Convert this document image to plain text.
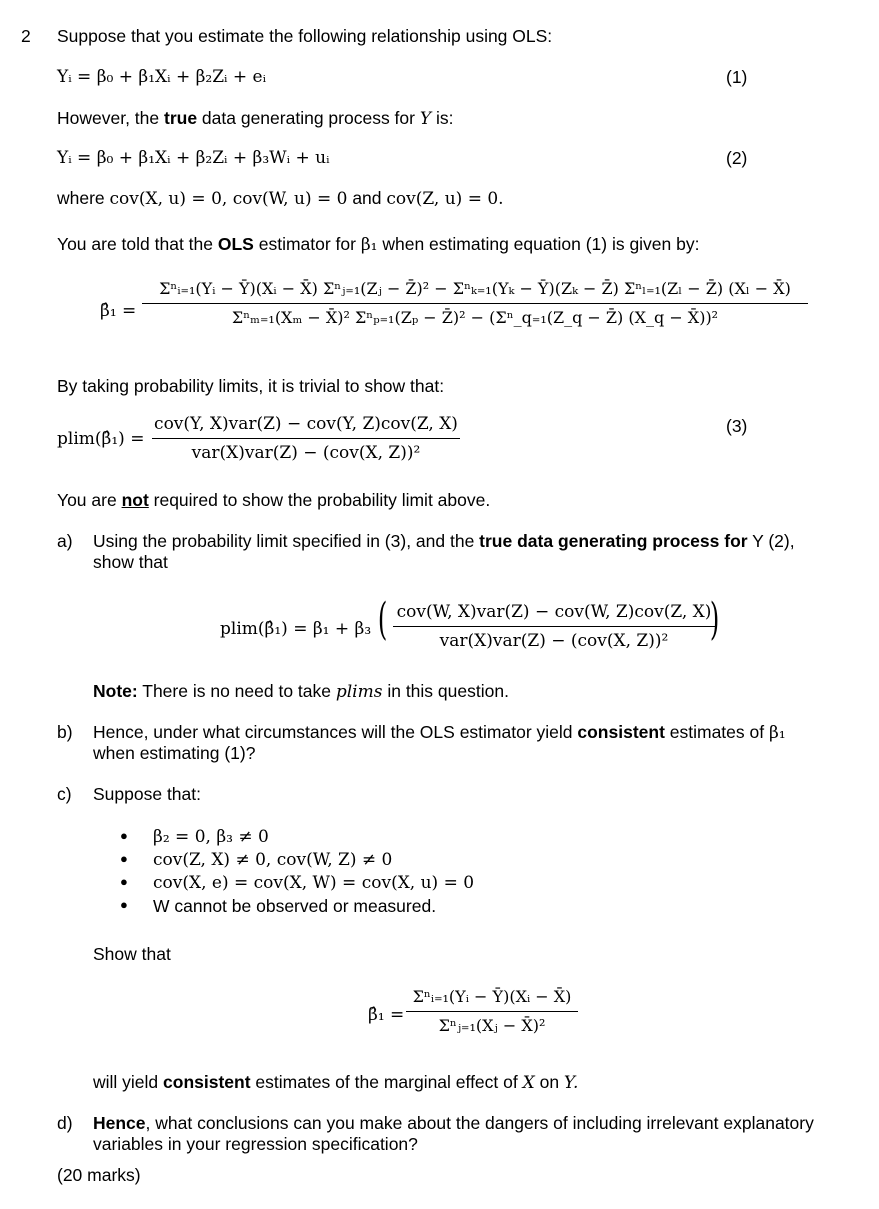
2 Suppose that you estimate the following relationship using OLS:
Yᵢ = β₀ + β₁Xᵢ + β₂Zᵢ + eᵢ	(1)
However, the true data generating process for Y is:
Yᵢ = β₀ + β₁Xᵢ + β₂Zᵢ + β₃Wᵢ + uᵢ	(2)
where cov(X, u) = 0, cov(W, u) = 0 and cov(Z, u) = 0.
You are told that the OLS estimator for β₁ when estimating equation (1) is given by:
β̂₁ =
Σⁿᵢ₌₁(Yᵢ − Ȳ)(Xᵢ − X̄) Σⁿⱼ₌₁(Zⱼ − Z̄)² − Σⁿₖ₌₁(Yₖ − Ȳ)(Zₖ − Z̄) Σⁿₗ₌₁(Zₗ − Z̄) (Xₗ − X̄)
Σⁿₘ₌₁(Xₘ − X̄)² Σⁿₚ₌₁(Zₚ − Z̄)² − (Σⁿ_q₌₁(Z_q − Z̄) (X_q − X̄))²
By taking probability limits, it is trivial to show that:
plim(β̂₁) =
cov(Y, X)var(Z) − cov(Y, Z)cov(Z, X)
var(X)var(Z) − (cov(X, Z))²
(3)
You are not required to show the probability limit above.
a) Using the probability limit specified in (3), and the true data generating process for Y (2),
show that
plim(β̂₁) = β₁ + β₃ ( cov(W, X)var(Z) − cov(W, Z)cov(Z, X)
var(X)var(Z) − (cov(X, Z))² )
Note: There is no need to take plims in this question.
b) Hence, under what circumstances will the OLS estimator yield consistent estimates of β₁
when estimating (1)?
c) Suppose that:
● β₂ = 0, β₃ ≠ 0
● cov(Z, X) ≠ 0, cov(W, Z) ≠ 0
● cov(X, e) = cov(X, W) = cov(X, u) = 0
● W cannot be observed or measured.
Show that
β̂₁ =
Σⁿᵢ₌₁(Yᵢ − Ȳ)(Xᵢ − X̄)
Σⁿⱼ₌₁(Xⱼ − X̄)²
will yield consistent estimates of the marginal effect of X on Y.
d) Hence, what conclusions can you make about the dangers of including irrelevant explanatory
variables in your regression specification?
(20 marks)
